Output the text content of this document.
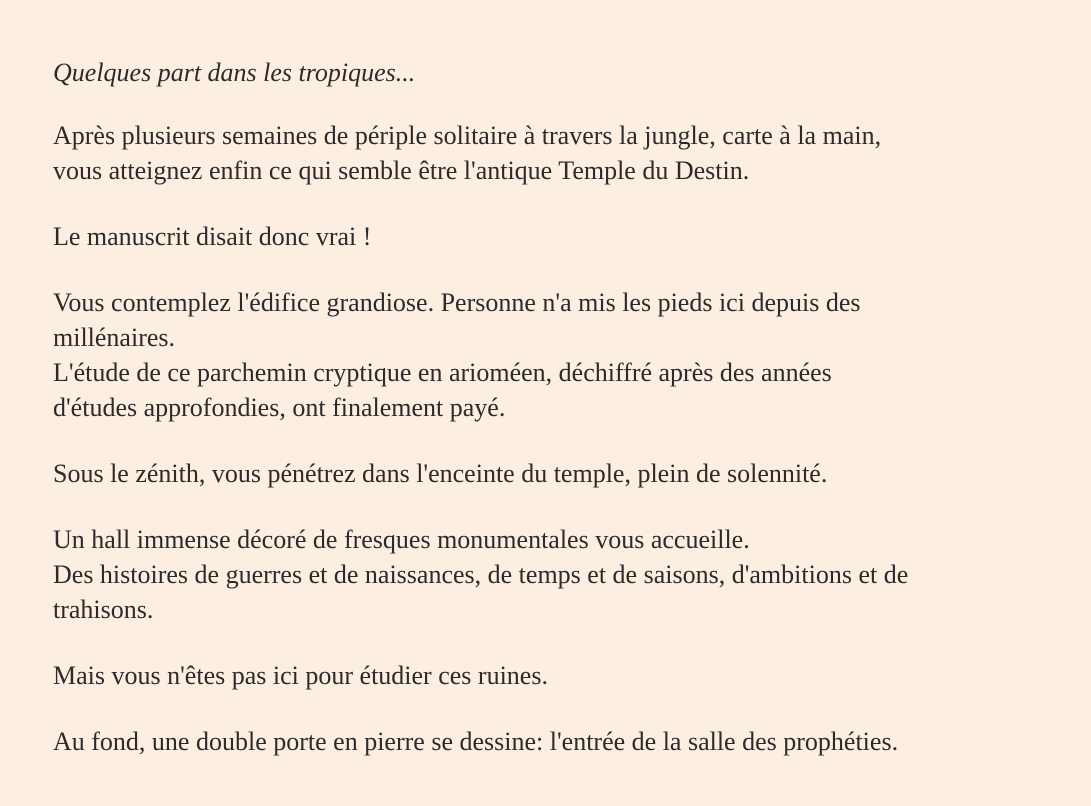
Quelques part dans les tropiques...

Après plusieurs semaines de périple solitaire à travers la jungle, carte à la main,
vous atteignez enfin ce qui semble être l'antique Temple du Destin.

Le manuscrit disait donc vrai !

Vous contemplez l'édifice grandiose. Personne n'a mis les pieds ici depuis des
millénaires.
L'étude de ce parchemin cryptique en arioméen, déchiffré après des années
d'études approfondies, ont finalement payé.

Sous le zénith, vous pénétrez dans l'enceinte du temple, plein de solennité.

Un hall immense décoré de fresques monumentales vous accueille.
Des histoires de guerres et de naissances, de temps et de saisons, d'ambitions et de
trahisons.

Mais vous n'êtes pas ici pour étudier ces ruines.

Au fond, une double porte en pierre se dessine: l'entrée de la salle des prophéties.
